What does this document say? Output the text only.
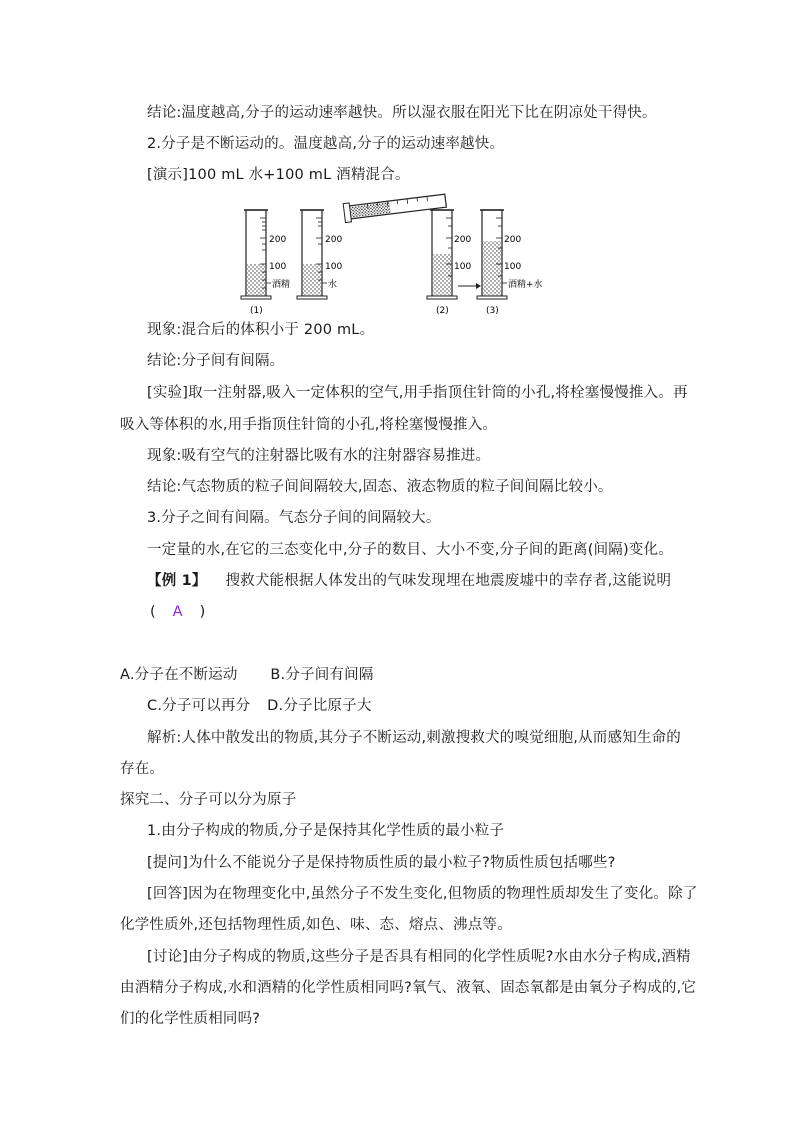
结论:温度越高,分子的运动速率越快。所以湿衣服在阳光下比在阴凉处干得快。
2.分子是不断运动的。温度越高,分子的运动速率越快。
[演示]100 mL 水+100 mL 酒精混合。
200
100
酒精
(1)
200
100
水
200
100
(2)
200
100
酒精+水
(3)
现象:混合后的体积小于 200 mL。
结论:分子间有间隔。
[实验]取一注射器,吸入一定体积的空气,用手指顶住针筒的小孔,将栓塞慢慢推入。再
吸入等体积的水,用手指顶住针筒的小孔,将栓塞慢慢推入。
现象:吸有空气的注射器比吸有水的注射器容易推进。
结论:气态物质的粒子间间隔较大,固态、液态物质的粒子间间隔比较小。
3.分子之间有间隔。气态分子间的间隔较大。
一定量的水,在它的三态变化中,分子的数目、大小不变,分子间的距离(间隔)变化。
【例 1】 搜救犬能根据人体发出的气味发现埋在地震废墟中的幸存者,这能说明
( A )
A.分子在不断运动 B.分子间有间隔
C.分子可以再分 D.分子比原子大
解析:人体中散发出的物质,其分子不断运动,刺激搜救犬的嗅觉细胞,从而感知生命的
存在。
探究二、分子可以分为原子
1.由分子构成的物质,分子是保持其化学性质的最小粒子
[提问]为什么不能说分子是保持物质性质的最小粒子?物质性质包括哪些?
[回答]因为在物理变化中,虽然分子不发生变化,但物质的物理性质却发生了变化。除了
化学性质外,还包括物理性质,如色、味、态、熔点、沸点等。
[讨论]由分子构成的物质,这些分子是否具有相同的化学性质呢?水由水分子构成,酒精
由酒精分子构成,水和酒精的化学性质相同吗?氧气、液氧、固态氧都是由氧分子构成的,它
们的化学性质相同吗?
